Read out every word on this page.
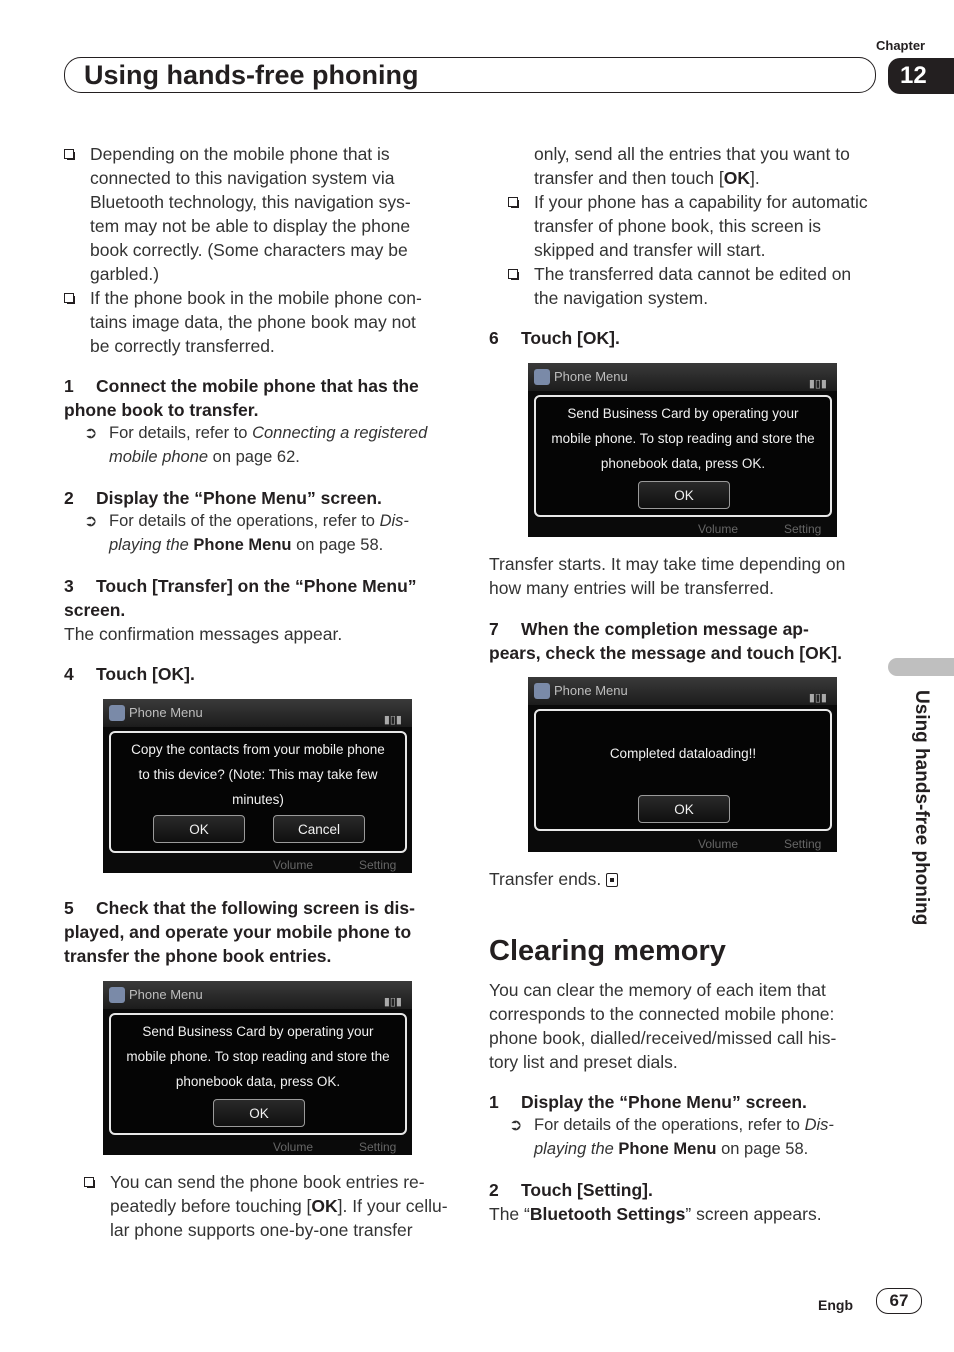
Chapter
Using hands-free phoning	12
Using hands-free phoning
Depending on the mobile phone that is
connected to this navigation system via
Bluetooth technology, this navigation sys-
tem may not be able to display the phone
book correctly. (Some characters may be
garbled.)
If the phone book in the mobile phone con-
tains image data, the phone book may not
be correctly transferred.
1 Connect the mobile phone that has the
phone book to transfer.
➲ For details, refer to Connecting a registered
mobile phone on page 62.
2 Display the “Phone Menu” screen.
➲ For details of the operations, refer to Dis-
playing the Phone Menu on page 58.
3 Touch [Transfer] on the “Phone Menu”
screen.
The confirmation messages appear.
4 Touch [OK].
Phone Menu	▮▯▮
Copy the contacts from your mobile phone
to this device? (Note: This may take few
minutes)
OK	Cancel
Volume	Setting
5 Check that the following screen is dis-
played, and operate your mobile phone to
transfer the phone book entries.
Phone Menu	▮▯▮
Send Business Card by operating your
mobile phone. To stop reading and store the
phonebook data, press OK.
OK
Volume	Setting
You can send the phone book entries re-
peatedly before touching [OK]. If your cellu-
lar phone supports one-by-one transfer
only, send all the entries that you want to
transfer and then touch [OK].
If your phone has a capability for automatic
transfer of phone book, this screen is
skipped and transfer will start.
The transferred data cannot be edited on
the navigation system.
6 Touch [OK].
Phone Menu	▮▯▮
Send Business Card by operating your
mobile phone. To stop reading and store the
phonebook data, press OK.
OK
Volume	Setting
Transfer starts. It may take time depending on
how many entries will be transferred.
7 When the completion message ap-
pears, check the message and touch [OK].
Phone Menu	▮▯▮
Completed dataloading!!
OK
Volume	Setting
Transfer ends.
Clearing memory
You can clear the memory of each item that
corresponds to the connected mobile phone:
phone book, dialled/received/missed call his-
tory list and preset dials.
1 Display the “Phone Menu” screen.
➲ For details of the operations, refer to Dis-
playing the Phone Menu on page 58.
2 Touch [Setting].
The “Bluetooth Settings” screen appears.
Engb	67
